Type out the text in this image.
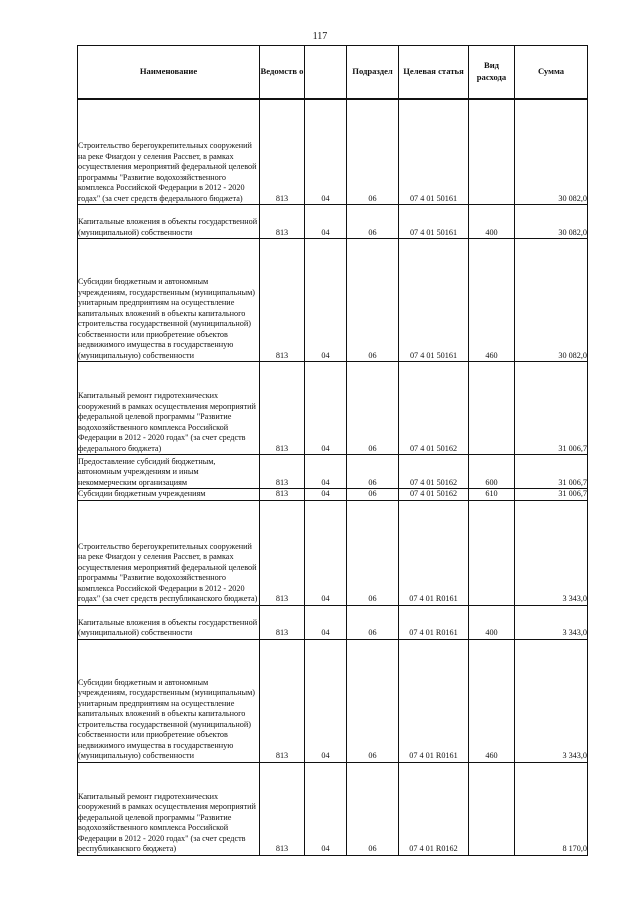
117
Наименование	Ведомств о		Подраздел	Целевая статья	Вид расхода	Сумма
Строительство берегоукрепительных сооружений на реке Фиагдон у селения Рассвет, в рамках осуществления мероприятий федеральной целевой программы "Развитие водохозяйственного комплекса Российской Федерации в 2012 - 2020 годах" (за счет средств федерального бюджета)	813	04	06	07 4 01 50161		30 082,0
Капитальные вложения в объекты государственной (муниципальной) собственности	813	04	06	07 4 01 50161	400	30 082,0
Субсидии бюджетным и автономным учреждениям, государственным (муниципальным) унитарным предприятиям на осуществление капитальных вложений в объекты капитального строительства государственной (муниципальной) собственности или приобретение объектов недвижимого имущества в государственную (муниципальную) собственности	813	04	06	07 4 01 50161	460	30 082,0
Капитальный ремонт гидротехнических сооружений в рамках осуществления мероприятий федеральной целевой программы "Развитие водохозяйственного комплекса Российской Федерации в 2012 - 2020 годах" (за счет средств федерального бюджета)	813	04	06	07 4 01 50162		31 006,7
Предоставление субсидий бюджетным, автономным учреждениям и иным некоммерческим организациям	813	04	06	07 4 01 50162	600	31 006,7
Субсидии бюджетным учреждениям	813	04	06	07 4 01 50162	610	31 006,7
Строительство берегоукрепительных сооружений на реке Фиагдон у селения Рассвет, в рамках осуществления мероприятий федеральной целевой программы "Развитие водохозяйственного комплекса Российской Федерации в 2012 - 2020 годах" (за счет средств республиканского бюджета)	813	04	06	07 4 01 R0161		3 343,0
Капитальные вложения в объекты государственной (муниципальной) собственности	813	04	06	07 4 01 R0161	400	3 343,0
Субсидии бюджетным и автономным учреждениям, государственным (муниципальным) унитарным предприятиям на осуществление капитальных вложений в объекты капитального строительства государственной (муниципальной) собственности или приобретение объектов недвижимого имущества в государственную (муниципальную) собственности	813	04	06	07 4 01 R0161	460	3 343,0
Капитальный ремонт гидротехнических сооружений в рамках осуществления мероприятий федеральной целевой программы "Развитие водохозяйственного комплекса Российской Федерации в 2012 - 2020 годах" (за счет средств республиканского бюджета)	813	04	06	07 4 01 R0162		8 170,0
